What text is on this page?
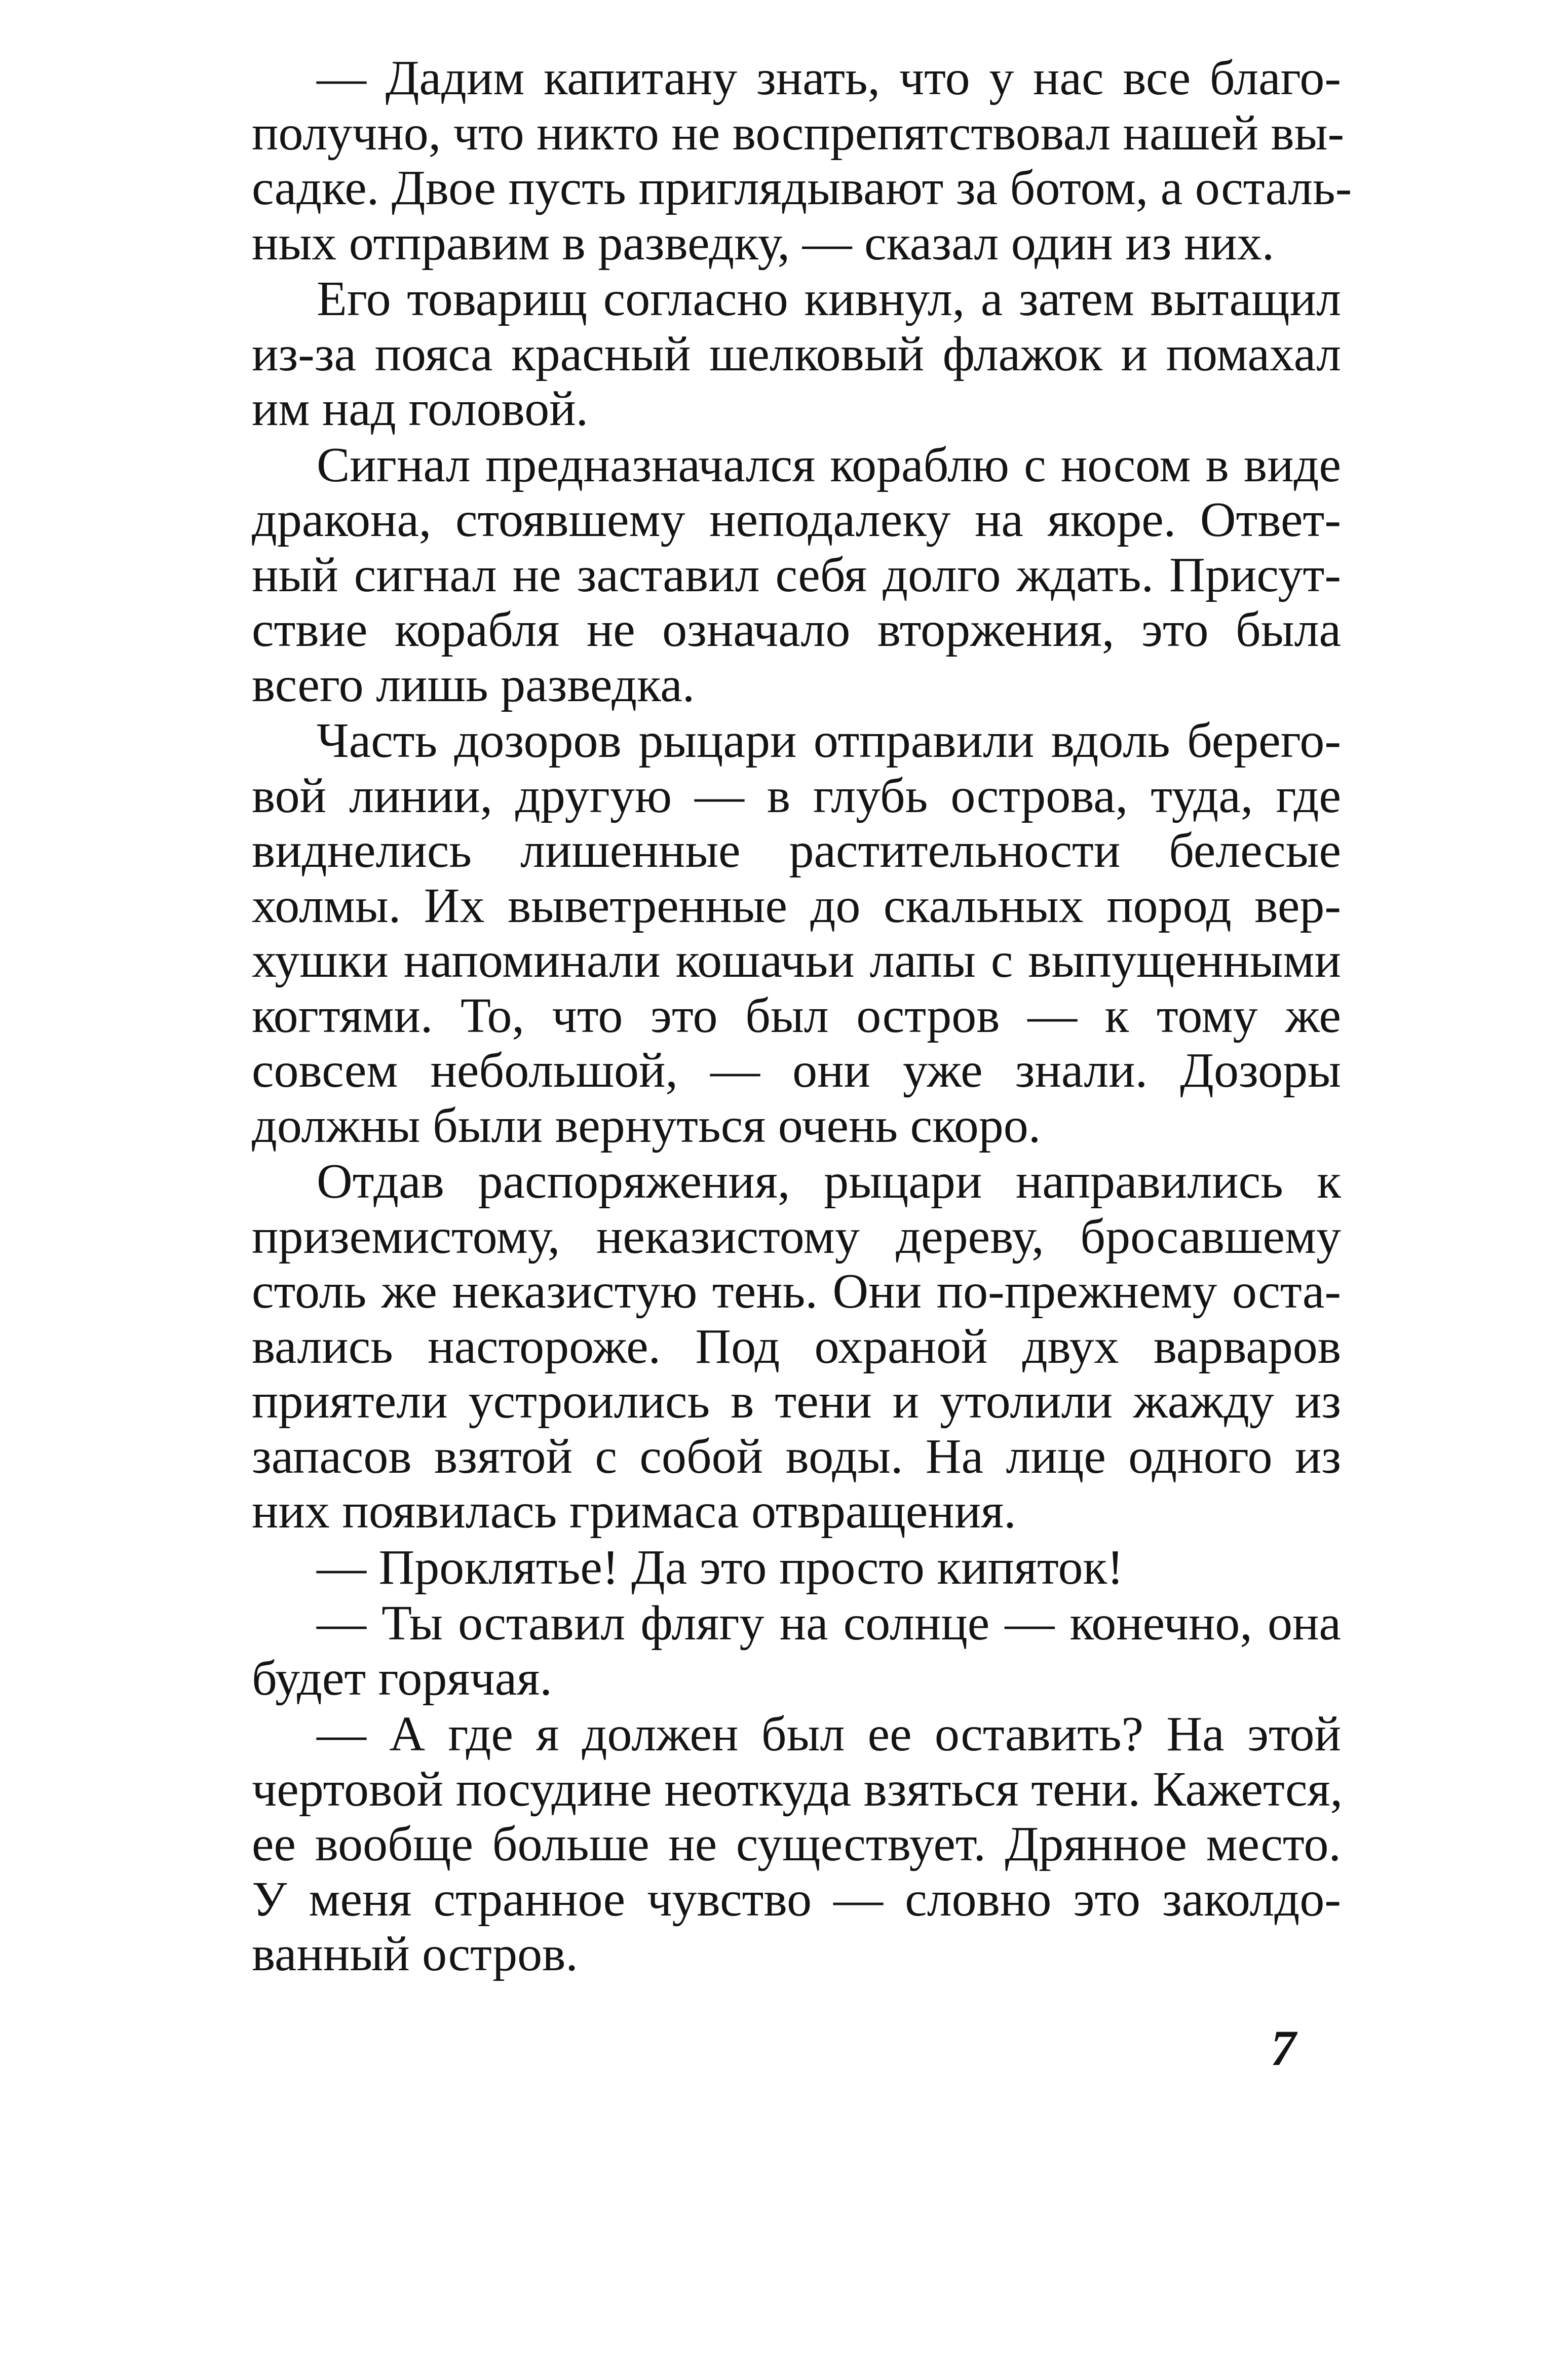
— Дадим капитану знать, что у нас все благо-
получно, что никто не воспрепятствовал нашей вы-
садке. Двое пусть приглядывают за ботом, а осталь-
ных отправим в разведку, — сказал один из них.
Его товарищ согласно кивнул, а затем вытащил
из-за пояса красный шелковый флажок и помахал
им над головой.
Сигнал предназначался кораблю с носом в виде
дракона, стоявшему неподалеку на якоре. Ответ-
ный сигнал не заставил себя долго ждать. Присут-
ствие корабля не означало вторжения, это была
всего лишь разведка.
Часть дозоров рыцари отправили вдоль берего-
вой линии, другую — в глубь острова, туда, где
виднелись лишенные растительности белесые
холмы. Их выветренные до скальных пород вер-
хушки напоминали кошачьи лапы с выпущенными
когтями. То, что это был остров — к тому же
совсем небольшой, — они уже знали. Дозоры
должны были вернуться очень скоро.
Отдав распоряжения, рыцари направились к
приземистому, неказистому дереву, бросавшему
столь же неказистую тень. Они по-прежнему оста-
вались настороже. Под охраной двух варваров
приятели устроились в тени и утолили жажду из
запасов взятой с собой воды. На лице одного из
них появилась гримаса отвращения.
— Проклятье! Да это просто кипяток!
— Ты оставил флягу на солнце — конечно, она
будет горячая.
— А где я должен был ее оставить? На этой
чертовой посудине неоткуда взяться тени. Кажется,
ее вообще больше не существует. Дрянное место.
У меня странное чувство — словно это заколдо-
ванный остров.
7
